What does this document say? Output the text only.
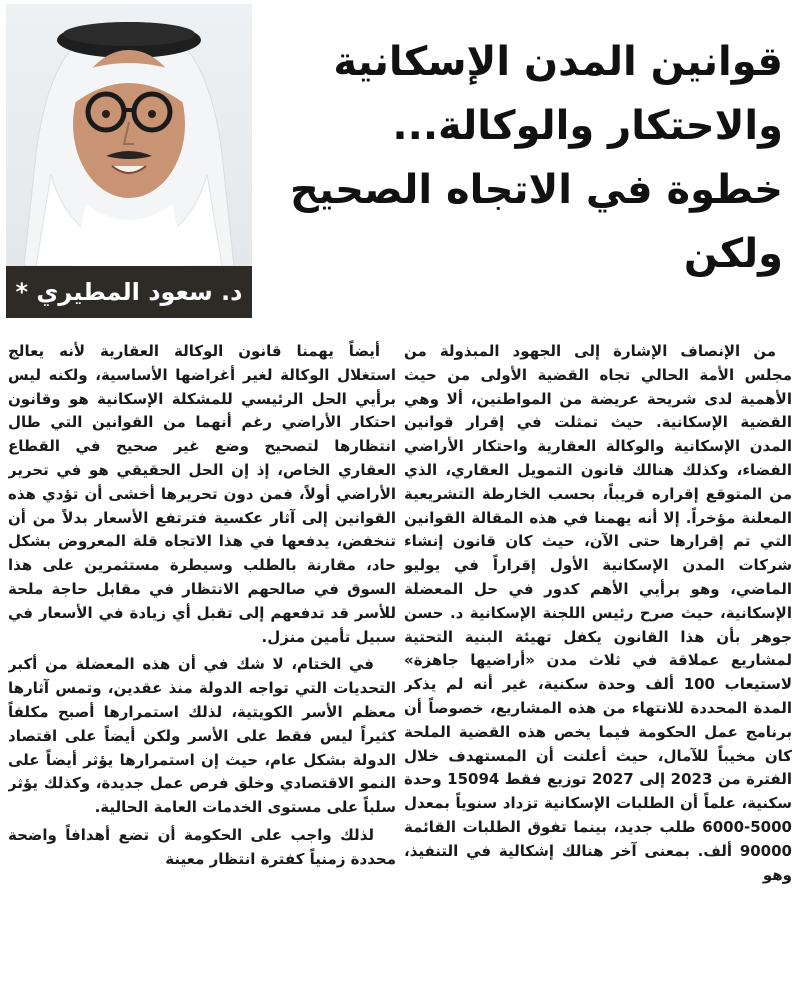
د. سعود المطيري *
قوانين المدن الإسكانية والاحتكار والوكالة... خطوة في الاتجاه الصحيح ولكن

من الإنصاف الإشارة إلى الجهود المبذولة من مجلس الأمة الحالي تجاه القضية الأولى من حيث الأهمية لدى شريحة عريضة من المواطنين، ألا وهي القضية الإسكانية. حيث تمثلت في إقرار قوانين المدن الإسكانية والوكالة العقارية واحتكار الأراضي الفضاء، وكذلك هنالك قانون التمويل العقاري، الذي من المتوقع إقراره قريباً، بحسب الخارطة التشريعية المعلنة مؤخراً. إلا أنه يهمنا في هذه المقالة القوانين التي تم إقرارها حتى الآن، حيث كان قانون إنشاء شركات المدن الإسكانية الأول إقراراً في يوليو الماضي، وهو برأيي الأهم كدور في حل المعضلة الإسكانية، حيث صرح رئيس اللجنة الإسكانية د. حسن جوهر بأن هذا القانون يكفل تهيئة البنية التحتية لمشاريع عملاقة في ثلاث مدن «أراضيها جاهزة» لاستيعاب 100 ألف وحدة سكنية، غير أنه لم يذكر المدة المحددة للانتهاء من هذه المشاريع، خصوصاً أن برنامج عمل الحكومة فيما يخص هذه القضية الملحة كان مخيباً للآمال، حيث أعلنت أن المستهدف خلال الفترة من 2023 إلى 2027 توزيع فقط 15094 وحدة سكنية، علماً أن الطلبات الإسكانية تزداد سنوياً بمعدل 5000-6000 طلب جديد، بينما تفوق الطلبات القائمة 90000 ألف. بمعنى آخر هنالك إشكالية في التنفيذ، وهو

أيضاً يهمنا قانون الوكالة العقارية لأنه يعالج استغلال الوكالة لغير أغراضها الأساسية، ولكنه ليس برأيي الحل الرئيسي للمشكلة الإسكانية هو وقانون احتكار الأراضي رغم أنهما من القوانين التي طال انتظارها لتصحيح وضع غير صحيح في القطاع العقاري الخاص، إذ إن الحل الحقيقي هو في تحرير الأراضي أولاً، فمن دون تحريرها أخشى أن تؤدي هذه القوانين إلى آثار عكسية فترتفع الأسعار بدلاً من أن تنخفض، يدفعها في هذا الاتجاه قلة المعروض بشكل حاد، مقارنة بالطلب وسيطرة مستثمرين على هذا السوق في صالحهم الانتظار في مقابل حاجة ملحة للأسر قد تدفعهم إلى تقبل أي زيادة في الأسعار في سبيل تأمين منزل.

في الختام، لا شك في أن هذه المعضلة من أكبر التحديات التي تواجه الدولة منذ عقدين، وتمس آثارها معظم الأسر الكويتية، لذلك استمرارها أصبح مكلفاً كثيراً ليس فقط على الأسر ولكن أيضاً على اقتصاد الدولة بشكل عام، حيث إن استمرارها يؤثر أيضاً على النمو الاقتصادي وخلق فرص عمل جديدة، وكذلك يؤثر سلباً على مستوى الخدمات العامة الحالية.

لذلك واجب على الحكومة أن تضع أهدافاً واضحة محددة زمنياً كفترة انتظار معينة
